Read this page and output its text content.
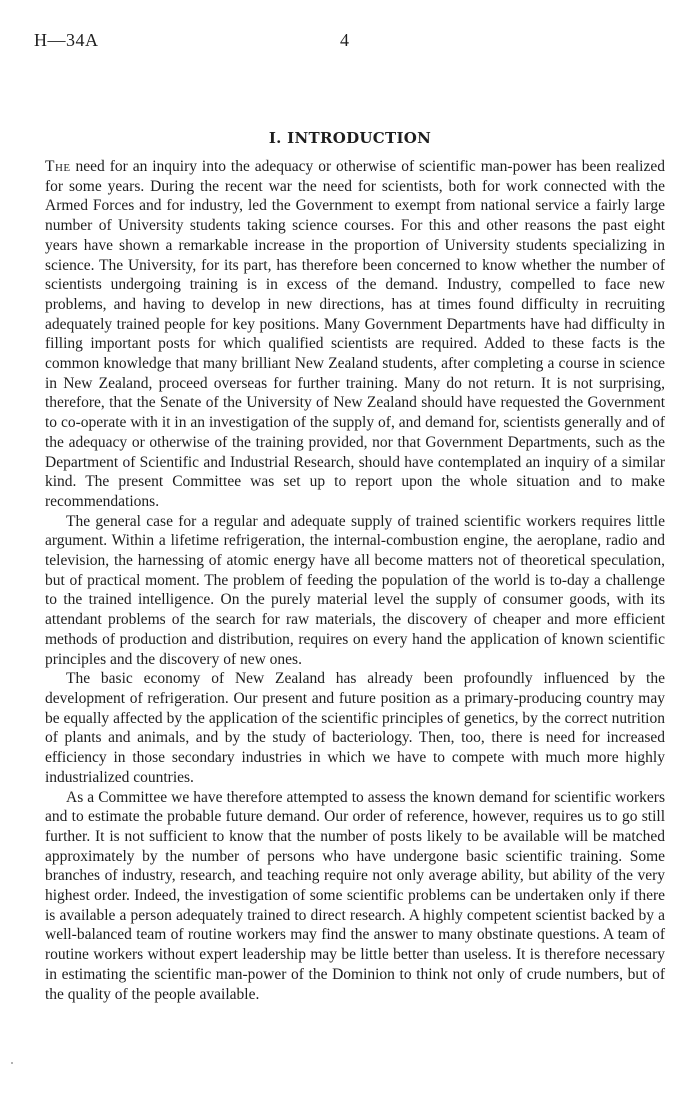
H—34A	4
I. INTRODUCTION

The need for an inquiry into the adequacy or otherwise of scientific man-power has been realized for some years. During the recent war the need for scientists, both for work connected with the Armed Forces and for industry, led the Government to exempt from national service a fairly large number of University students taking science courses. For this and other reasons the past eight years have shown a remarkable increase in the proportion of University students specializing in science. The University, for its part, has therefore been concerned to know whether the number of scientists undergoing training is in excess of the demand. Industry, compelled to face new problems, and having to develop in new directions, has at times found difficulty in recruiting adequately trained people for key positions. Many Government Departments have had difficulty in filling important posts for which qualified scientists are required. Added to these facts is the common knowledge that many brilliant New Zealand students, after completing a course in science in New Zealand, proceed overseas for further training. Many do not return. It is not surprising, therefore, that the Senate of the University of New Zealand should have requested the Government to co-operate with it in an investigation of the supply of, and demand for, scientists generally and of the adequacy or otherwise of the training provided, nor that Government Departments, such as the Department of Scientific and Industrial Research, should have contemplated an inquiry of a similar kind. The present Committee was set up to report upon the whole situation and to make recommendations.

The general case for a regular and adequate supply of trained scientific workers requires little argument. Within a lifetime refrigeration, the internal-combustion engine, the aeroplane, radio and television, the harnessing of atomic energy have all become matters not of theoretical speculation, but of practical moment. The problem of feeding the population of the world is to-day a challenge to the trained intelligence. On the purely material level the supply of consumer goods, with its attendant problems of the search for raw materials, the discovery of cheaper and more efficient methods of production and distribution, requires on every hand the application of known scientific principles and the discovery of new ones.

The basic economy of New Zealand has already been profoundly influenced by the development of refrigeration. Our present and future position as a primary-producing country may be equally affected by the application of the scientific principles of genetics, by the correct nutrition of plants and animals, and by the study of bacteriology. Then, too, there is need for increased efficiency in those secondary industries in which we have to compete with much more highly industrialized countries.

As a Committee we have therefore attempted to assess the known demand for scientific workers and to estimate the probable future demand. Our order of reference, however, requires us to go still further. It is not sufficient to know that the number of posts likely to be available will be matched approximately by the number of persons who have undergone basic scientific training. Some branches of industry, research, and teaching require not only average ability, but ability of the very highest order. Indeed, the investigation of some scientific problems can be undertaken only if there is available a person adequately trained to direct research. A highly competent scientist backed by a well-balanced team of routine workers may find the answer to many obstinate questions. A team of routine workers without expert leadership may be little better than useless. It is therefore necessary in estimating the scientific man-power of the Dominion to think not only of crude numbers, but of the quality of the people available.
